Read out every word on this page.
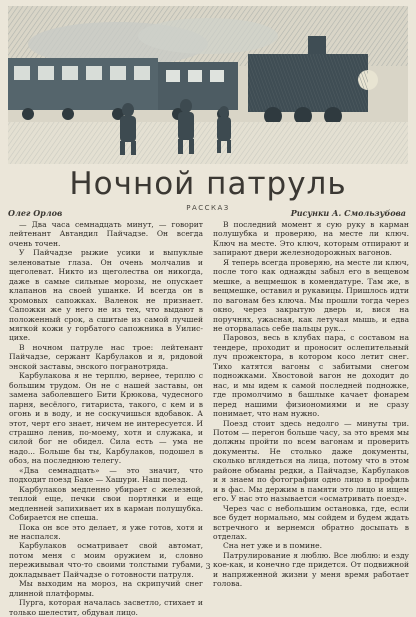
Ночной патруль
РАССКАЗ
Олег Орлов	Рисунки А. Смользубова

— Два часа семнадцать минут, — говорит лейтенант Автандил Пайчадзе. Он всегда очень точен.

У Пайчадзе рыжие усики и выпуклые зеленоватые глаза. Он очень молчалив и щеголеват. Никто из щеголества он никогда, даже в самые сильные морозы, не опускает клапанов на своей ушанке. И всегда он в хромовых сапожках. Валенок не признает. Сапожки же у него не из тех, что выдают в положенный срок, а сшитые из самой лучшей мягкой кожи у горбатого сапожника в Уилис-цихе.

В ночном патруле нас трое: лейтенант Пайчадзе, сержант Карбулаков и я, рядовой энской заставы, энского погранотряда.

Карбулакова я не терплю, вернее, терплю с большим трудом. Он не с нашей заставы, он замена заболевшего Бити Крюкова, чудесного парня, весёлого, гитариста, такого, с кем и в огонь и в воду, и не соскучишься вдобавок. А этот, черт его знает, ничем не интересуется. И страшно ленив, по-моему, хотя и служака, и силой бог не обидел. Сила есть — ума не надо... Больше бы ты, Карбулаков, подошел в обоз, на последнюю телегу.

«Два семнадцать» — это значит, что подходит поезд Баке — Хашури. Наш поезд.

Карбулаков медленно убирает с железной, теплой еще, печки свои портянки и еще медленней запихивает их в карман полушубка. Собирается не спеша.

Пока он все это делает, я уже готов, хотя и не наспался.

Карбулаков осматривает свой автомат, потом меня с моим оружием и, словно переживывая что-то своими толстыми губами, докладывает Пайчадзе о готовности патруля.

Мы выходим на мороз, на скрипучий снег длинной платформы.

Пурга, которая началась засветло, стихает и только шелестит, обдувая лицо.

В последний момент я сую руку в карман полушубка и проверяю, на месте ли ключ. Ключ на месте. Это ключ, которым отпирают и запирают двери железнодорожных вагонов.

Я теперь всегда проверяю, на месте ли ключ, после того как однажды забыл его в вещевом мешке, а вещмешок в комендатуре. Там же, в вещмешке, оставил и рукавицы. Пришлось идти по вагонам без ключа. Мы прошли тогда через окно, через закрытую дверь и, вися на поручнях, ужасная, как летучая мышь, и едва не оторвалась себе пальцы рук...

Паровоз, весь в клубах пара, с составом на тендере, проходит и проносит ослепительный луч прожектора, в котором косо летит снег. Тихо катятся вагоны с забитыми снегом подножками. Хвостовой вагон не доходит до нас, и мы идем к самой последней подножке, где промолчимо в башлыке качает фонарем перед нашими физиономиями и не сразу понимает, что нам нужно.

Поезд стоит здесь недолго — минуты три. Потом — перегон больше часу, за это время мы должны пройти по всем вагонам и проверить документы. Не столько даже документы, сколько вглядеться на лица, потому что в этом районе обманы редки, а Пайчадзе, Карбулаков и я знаем по фотографии одно лицо в профиль и в фас. Мы держим в памяти это лицо и ищем его. У нас это называется «осматривать поезд».

Через час с небольшим остановка, где, если все будет нормально, мы сойдем и будем ждать встречного и вернемся обратно досыпать в отделах.

Сна нет уже и в помине.

Патрулирование я люблю. Все люблю: и езду кое-как, и конечно где придется. От подвижной и напряженной жизни у меня время работает голова.

3
